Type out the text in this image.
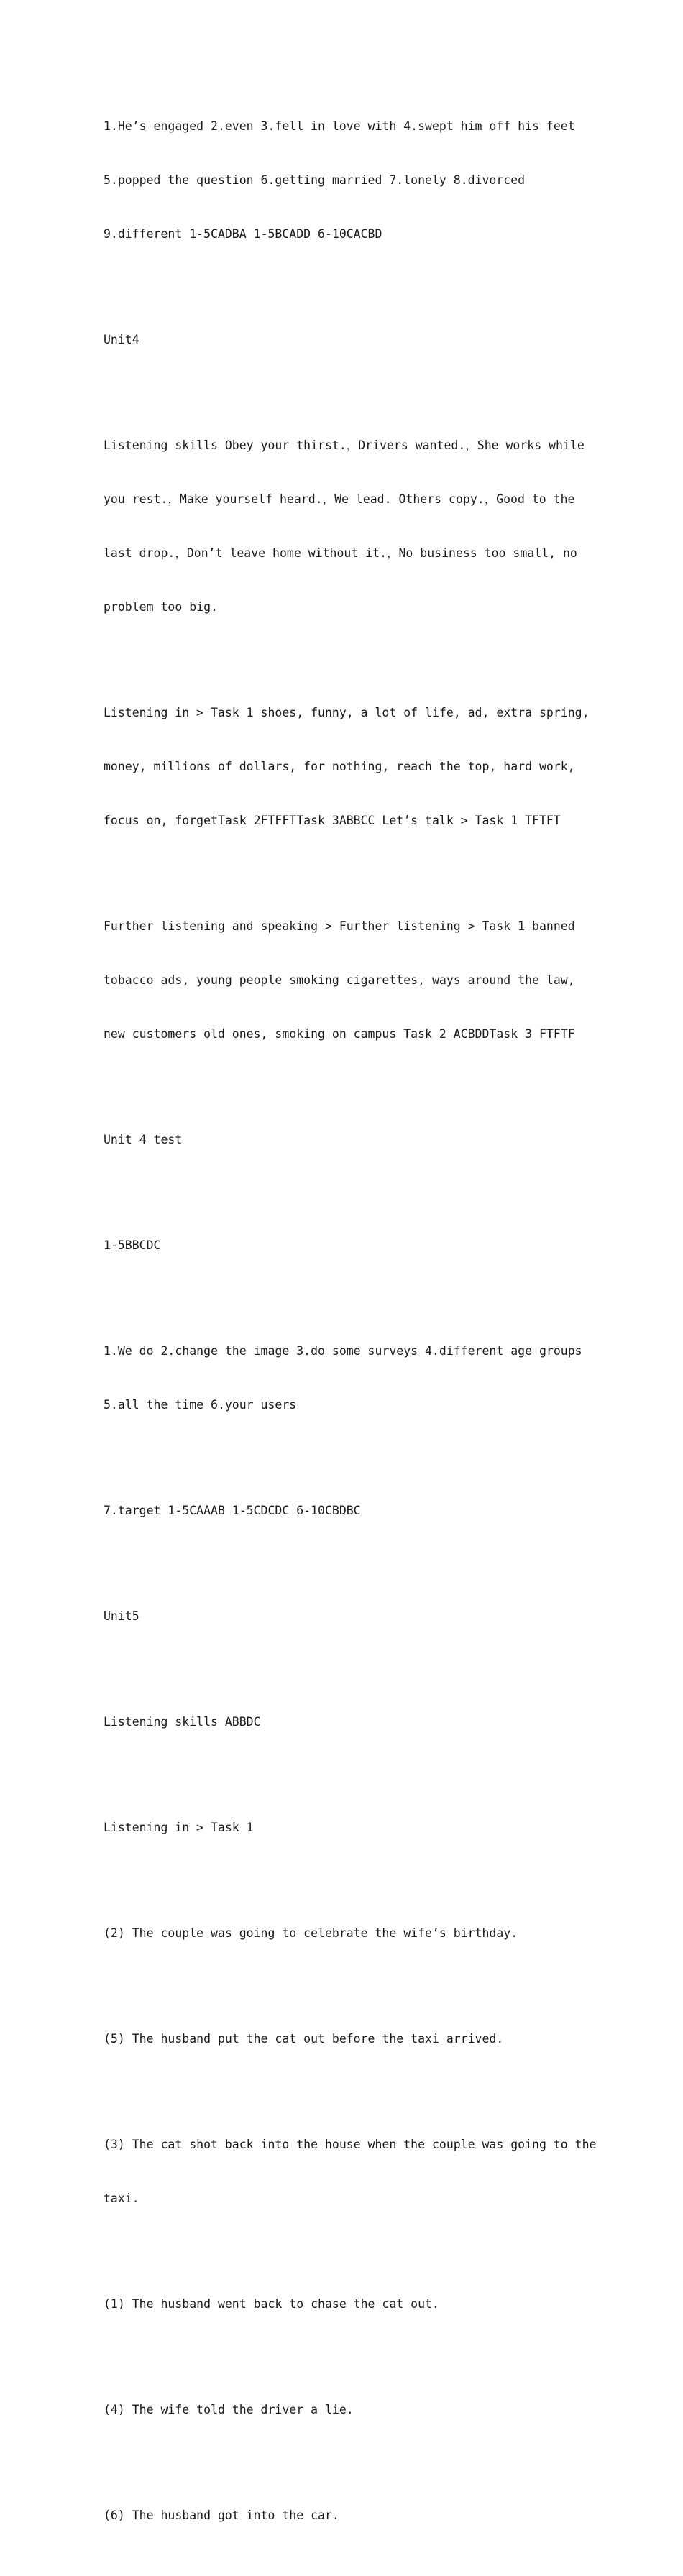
1.He’s engaged 2.even 3.fell in love with 4.swept him off his feet

5.popped the question 6.getting married 7.lonely 8.divorced

9.different 1-5CADBA 1-5BCADD 6-10CACBD

Unit4

Listening skills Obey your thirst.，Drivers wanted.，She works while

you rest.，Make yourself heard.，We lead. Others copy.，Good to the

last drop.，Don’t leave home without it.，No business too small, no

problem too big.

Listening in > Task 1 shoes, funny, a lot of life, ad, extra spring,

money, millions of dollars, for nothing, reach the top, hard work,

focus on, forgetTask 2FTFFTTask 3ABBCC Let’s talk > Task 1 TFTFT

Further listening and speaking > Further listening > Task 1 banned

tobacco ads, young people smoking cigarettes, ways around the law,

new customers old ones, smoking on campus Task 2 ACBDDTask 3 FTFTF

Unit 4 test

1-5BBCDC

1.We do 2.change the image 3.do some surveys 4.different age groups

5.all the time 6.your users

7.target 1-5CAAAB 1-5CDCDC 6-10CBDBC

Unit5

Listening skills ABBDC

Listening in > Task 1

(2) The couple was going to celebrate the wife’s birthday.

(5) The husband put the cat out before the taxi arrived.

(3) The cat shot back into the house when the couple was going to the

taxi.

(1) The husband went back to chase the cat out.

(4) The wife told the driver a lie.

(6) The husband got into the car.
